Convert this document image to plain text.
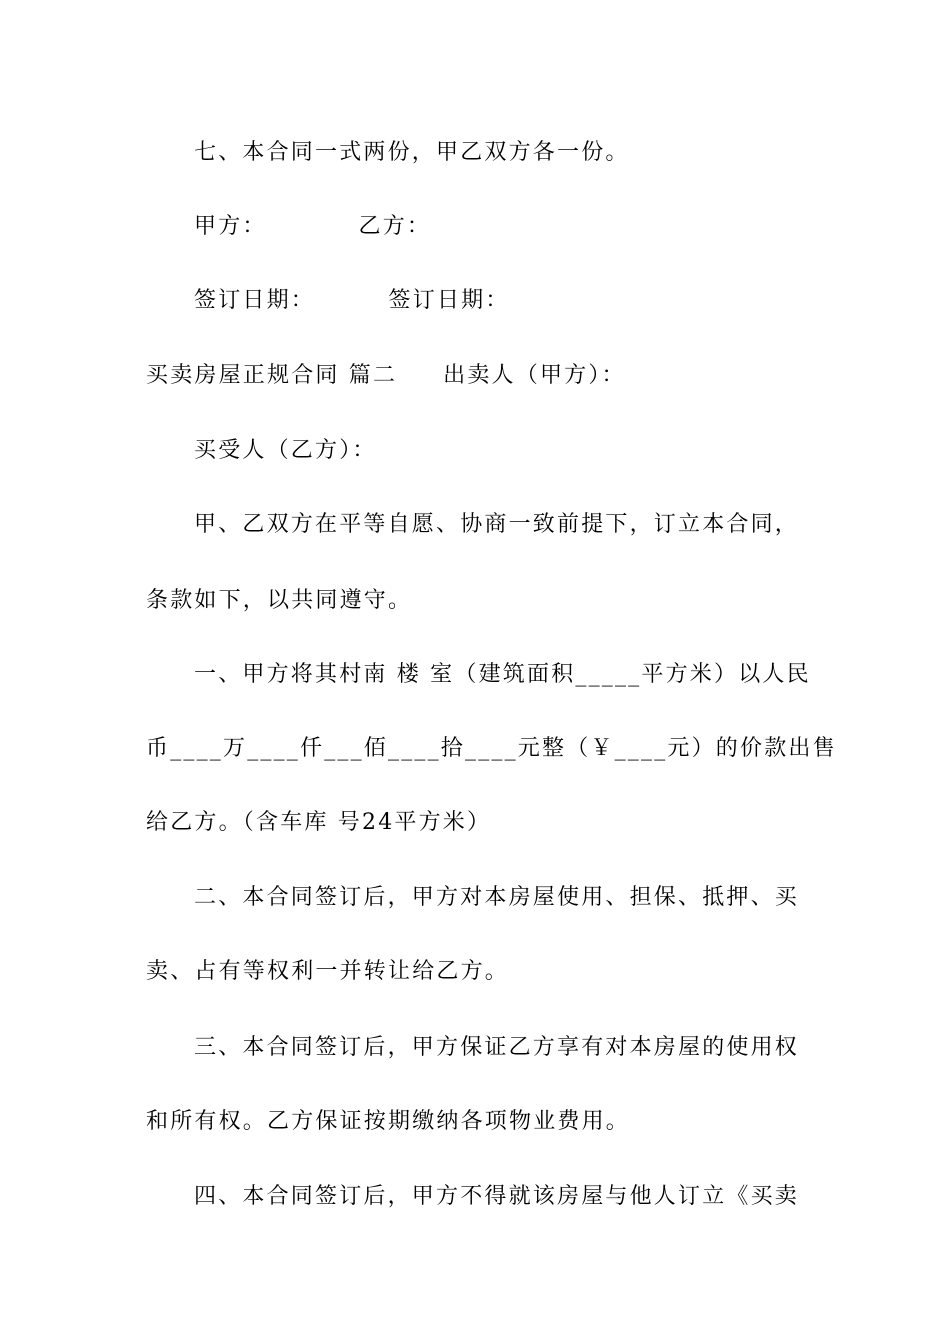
七、本合同一式两份，甲乙双方各一份。
甲方：          乙方：
签订日期：        签订日期：
买卖房屋正规合同 篇二     出卖人（甲方）：
买受人（乙方）：
甲、乙双方在平等自愿、协商一致前提下，订立本合同，
条款如下，以共同遵守。
一、甲方将其村南 楼 室（建筑面积_____平方米）以人民
币____万____仟___佰____拾____元整（￥____元）的价款出售
给乙方。（含车库 号24平方米）
二、本合同签订后，甲方对本房屋使用、担保、抵押、买
卖、占有等权利一并转让给乙方。
三、本合同签订后，甲方保证乙方享有对本房屋的使用权
和所有权。乙方保证按期缴纳各项物业费用。
四、本合同签订后，甲方不得就该房屋与他人订立《买卖
